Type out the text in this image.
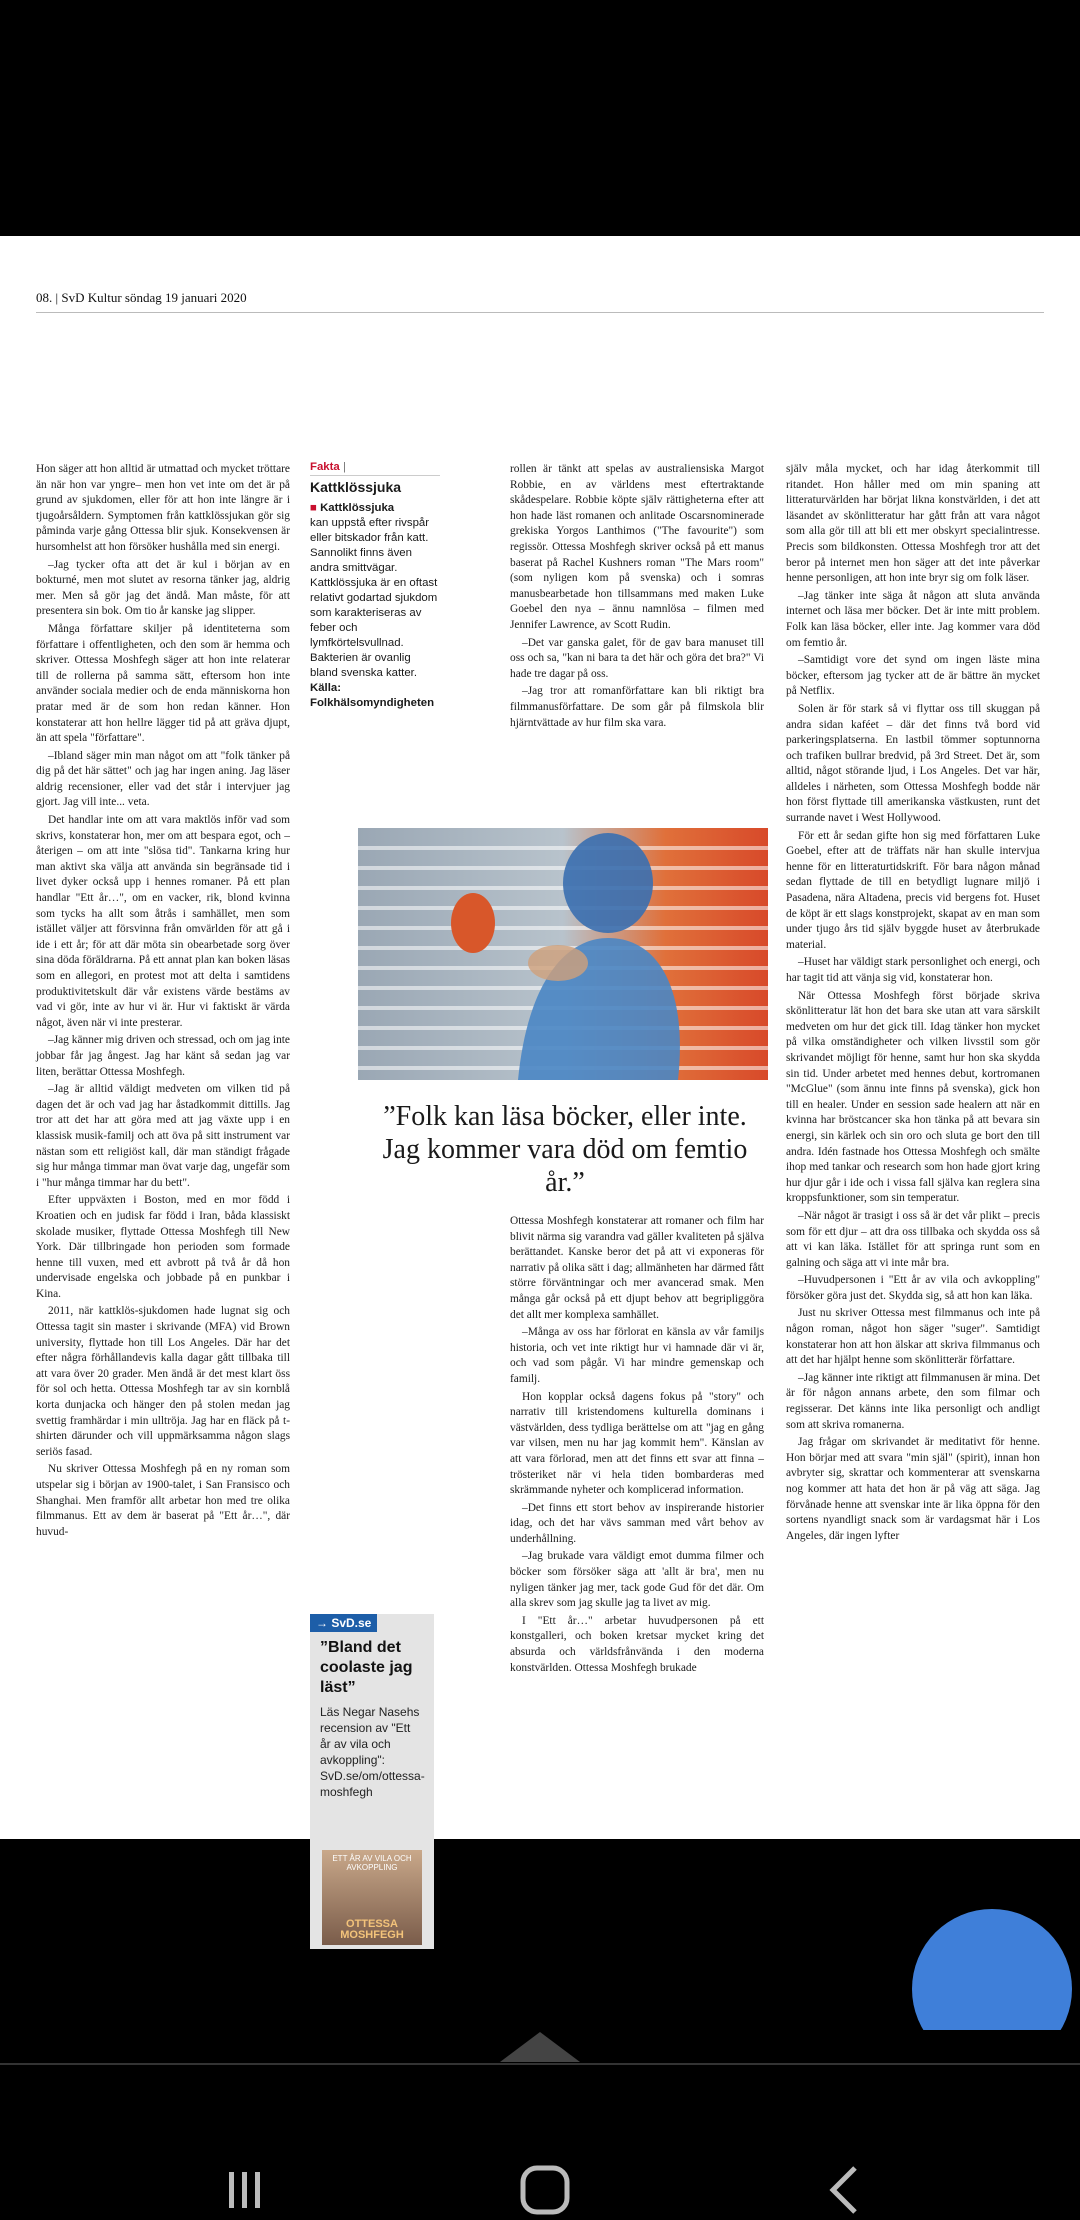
08. | SvD Kultur söndag 19 januari 2020

Hon säger att hon alltid är utmattad och mycket tröttare än när hon var yngre– men hon vet inte om det är på grund av sjukdomen, eller för att hon inte längre är i tjugoårsåldern. Symptomen från kattklössjukan gör sig påminda varje gång Ottessa blir sjuk. Konsekvensen är hursomhelst att hon försöker hushålla med sin energi.

–Jag tycker ofta att det är kul i början av en bokturné, men mot slutet av resorna tänker jag, aldrig mer. Men så gör jag det ändå. Man måste, för att presentera sin bok. Om tio år kanske jag slipper.

Många författare skiljer på identiteterna som författare i offentligheten, och den som är hemma och skriver. Ottessa Moshfegh säger att hon inte relaterar till de rollerna på samma sätt, eftersom hon inte använder sociala medier och de enda människorna hon pratar med är de som hon redan känner. Hon konstaterar att hon hellre lägger tid på att gräva djupt, än att spela "författare".

–Ibland säger min man något om att "folk tänker på dig på det här sättet" och jag har ingen aning. Jag läser aldrig recensioner, eller vad det står i intervjuer jag gjort. Jag vill inte... veta.

Det handlar inte om att vara maktlös inför vad som skrivs, konstaterar hon, mer om att bespara egot, och – återigen – om att inte "slösa tid". Tankarna kring hur man aktivt ska välja att använda sin begränsade tid i livet dyker också upp i hennes romaner. På ett plan handlar "Ett år…", om en vacker, rik, blond kvinna som tycks ha allt som åtrås i samhället, men som istället väljer att försvinna från omvärlden för att gå i ide i ett år; för att där möta sin obearbetade sorg över sina döda föräldrarna. På ett annat plan kan boken läsas som en allegori, en protest mot att delta i samtidens produktivitetskult där vår existens värde bestäms av vad vi gör, inte av hur vi är. Hur vi faktiskt är värda något, även när vi inte presterar.

–Jag känner mig driven och stressad, och om jag inte jobbar får jag ångest. Jag har känt så sedan jag var liten, berättar Ottessa Moshfegh.

–Jag är alltid väldigt medveten om vilken tid på dagen det är och vad jag har åstadkommit dittills. Jag tror att det har att göra med att jag växte upp i en klassisk musik-familj och att öva på sitt instrument var nästan som ett religiöst kall, där man ständigt frågade sig hur många timmar man övat varje dag, ungefär som i "hur många timmar har du bett".

Efter uppväxten i Boston, med en mor född i Kroatien och en judisk far född i Iran, båda klassiskt skolade musiker, flyttade Ottessa Moshfegh till New York. Där tillbringade hon perioden som formade henne till vuxen, med ett avbrott på två år då hon undervisade engelska och jobbade på en punkbar i Kina.

2011, när kattklös-sjukdomen hade lugnat sig och Ottessa tagit sin master i skrivande (MFA) vid Brown university, flyttade hon till Los Angeles. Där har det efter några förhållandevis kalla dagar gått tillbaka till att vara över 20 grader. Men ändå är det mest klart öss för sol och hetta. Ottessa Moshfegh tar av sin kornblå korta dunjacka och hänger den på stolen medan jag svettig framhärdar i min ulltröja. Jag har en fläck på t-shirten därunder och vill uppmärksamma någon slags seriös fasad.

Nu skriver Ottessa Moshfegh på en ny roman som utspelar sig i början av 1900-talet, i San Fransisco och Shanghai. Men framför allt arbetar hon med tre olika filmmanus. Ett av dem är baserat på "Ett år…", där huvud-

Fakta |
Kattklössjuka
■ Kattklössjuka
kan uppstå efter rivspår eller bitskador från katt. Sannolikt finns även andra smittvägar. Kattklössjuka är en oftast relativt godartad sjukdom som karakteriseras av feber och lymfkörtelsvullnad. Bakterien är ovanlig bland svenska katter.
Källa: Folkhälsomyndigheten

rollen är tänkt att spelas av australiensiska Margot Robbie, en av världens mest eftertraktande skådespelare. Robbie köpte själv rättigheterna efter att hon hade läst romanen och anlitade Oscarsnominerade grekiska Yorgos Lanthimos ("The favourite") som regissör. Ottessa Moshfegh skriver också på ett manus baserat på Rachel Kushners roman "The Mars room" (som nyligen kom på svenska) och i somras manusbearbetade hon tillsammans med maken Luke Goebel den nya – ännu namnlösa – filmen med Jennifer Lawrence, av Scott Rudin.

–Det var ganska galet, för de gav bara manuset till oss och sa, "kan ni bara ta det här och göra det bra?" Vi hade tre dagar på oss.

–Jag tror att romanförfattare kan bli riktigt bra filmmanusförfattare. De som går på filmskola blir hjärntvättade av hur film ska vara.

”Folk kan läsa böcker, eller inte. Jag kommer vara död om femtio år.”

Ottessa Moshfegh konstaterar att romaner och film har blivit närma sig varandra vad gäller kvaliteten på själva berättandet. Kanske beror det på att vi exponeras för narrativ på olika sätt i dag; allmänheten har därmed fått större förväntningar och mer avancerad smak. Men många går också på ett djupt behov att begripliggöra det allt mer komplexa samhället.

–Många av oss har förlorat en känsla av vår familjs historia, och vet inte riktigt hur vi hamnade där vi är, och vad som pågår. Vi har mindre gemenskap och familj.

Hon kopplar också dagens fokus på "story" och narrativ till kristendomens kulturella dominans i västvärlden, dess tydliga berättelse om att "jag en gång var vilsen, men nu har jag kommit hem". Känslan av att vara förlorad, men att det finns ett svar att finna – trösteriket när vi hela tiden bombarderas med skrämmande nyheter och komplicerad information.

–Det finns ett stort behov av inspirerande historier idag, och det har vävs samman med vårt behov av underhållning.

–Jag brukade vara väldigt emot dumma filmer och böcker som försöker säga att 'allt är bra', men nu nyligen tänker jag mer, tack gode Gud för det där. Om alla skrev som jag skulle jag ta livet av mig.

I "Ett år…" arbetar huvudpersonen på ett konstgalleri, och boken kretsar mycket kring det absurda och världsfrånvända i den moderna konstvärlden. Ottessa Moshfegh brukade

själv måla mycket, och har idag återkommit till ritandet. Hon håller med om min spaning att litteraturvärlden har börjat likna konstvärlden, i det att läsandet av skönlitteratur har gått från att vara något som alla gör till att bli ett mer obskyrt specialintresse. Precis som bildkonsten. Ottessa Moshfegh tror att det beror på internet men hon säger att det inte påverkar henne personligen, att hon inte bryr sig om folk läser.

–Jag tänker inte säga åt någon att sluta använda internet och läsa mer böcker. Det är inte mitt problem. Folk kan läsa böcker, eller inte. Jag kommer vara död om femtio år.

–Samtidigt vore det synd om ingen läste mina böcker, eftersom jag tycker att de är bättre än mycket på Netflix.

Solen är för stark så vi flyttar oss till skuggan på andra sidan kaféet – där det finns två bord vid parkeringsplatserna. En lastbil tömmer soptunnorna och trafiken bullrar bredvid, på 3rd Street. Det är, som alltid, något störande ljud, i Los Angeles. Det var här, alldeles i närheten, som Ottessa Moshfegh bodde när hon först flyttade till amerikanska västkusten, runt det surrande navet i West Hollywood.

För ett år sedan gifte hon sig med författaren Luke Goebel, efter att de träffats när han skulle intervjua henne för en litteraturtidskrift. För bara någon månad sedan flyttade de till en betydligt lugnare miljö i Pasadena, nära Altadena, precis vid bergens fot. Huset de köpt är ett slags konstprojekt, skapat av en man som under tjugo års tid själv byggde huset av återbrukade material.

–Huset har väldigt stark personlighet och energi, och har tagit tid att vänja sig vid, konstaterar hon.

När Ottessa Moshfegh först började skriva skönlitteratur lät hon det bara ske utan att vara särskilt medveten om hur det gick till. Idag tänker hon mycket på vilka omständigheter och vilken livsstil som gör skrivandet möjligt för henne, samt hur hon ska skydda sin tid. Under arbetet med hennes debut, kortromanen "McGlue" (som ännu inte finns på svenska), gick hon till en healer. Under en session sade healern att när en kvinna har bröstcancer ska hon tänka på att bevara sin energi, sin kärlek och sin oro och sluta ge bort den till andra. Idén fastnade hos Ottessa Moshfegh och smälte ihop med tankar och research som hon hade gjort kring hur djur går i ide och i vissa fall själva kan reglera sina kroppsfunktioner, som sin temperatur.

–När något är trasigt i oss så är det vår plikt – precis som för ett djur – att dra oss tillbaka och skydda oss så att vi kan läka. Istället för att springa runt som en galning och säga att vi inte mår bra.

–Huvudpersonen i "Ett år av vila och avkoppling" försöker göra just det. Skydda sig, så att hon kan läka.

Just nu skriver Ottessa mest filmmanus och inte på någon roman, något hon säger "suger". Samtidigt konstaterar hon att hon älskar att skriva filmmanus och att det har hjälpt henne som skönlitterär författare.

–Jag känner inte riktigt att filmmanusen är mina. Det är för någon annans arbete, den som filmar och regisserar. Det känns inte lika personligt och andligt som att skriva romanerna.

Jag frågar om skrivandet är meditativt för henne. Hon börjar med att svara "min själ" (spirit), innan hon avbryter sig, skrattar och kommenterar att svenskarna nog kommer att hata det hon är på väg att säga. Jag förvånade henne att svenskar inte är lika öppna för den sortens nyandligt snack som är vardagsmat här i Los Angeles, där ingen lyfter

→ SvD.se
”Bland det coolaste jag läst”
Läs Negar Nasehs recension av "Ett år av vila och avkoppling": SvD.se/om/ottessa-moshfegh
ETT ÅR AV VILA OCH AVKOPPLING
OTTESSA MOSHFEGH
